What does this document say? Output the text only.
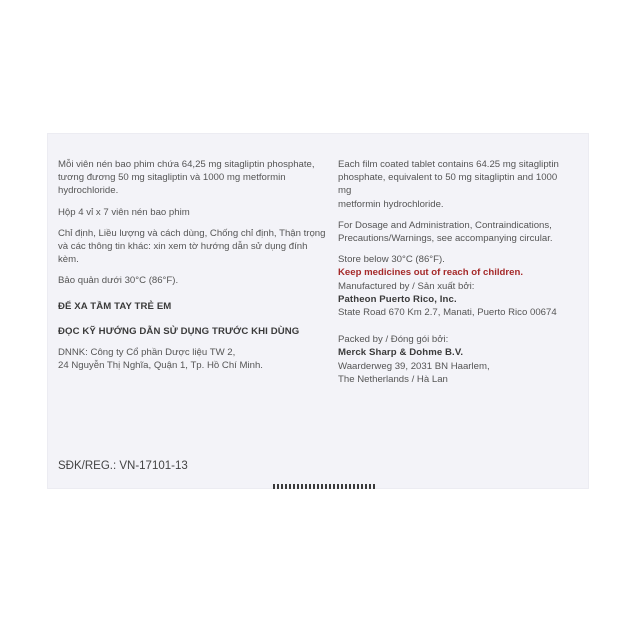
Mỗi viên nén bao phim chứa 64,25 mg sitagliptin phosphate,
tương đương 50 mg sitagliptin và 1000 mg metformin
hydrochloride.

Hộp 4 vỉ x 7 viên nén bao phim

Chỉ định, Liều lượng và cách dùng, Chống chỉ định, Thận trọng
và các thông tin khác: xin xem tờ hướng dẫn sử dụng đính kèm.

Bảo quản dưới 30°C (86°F).

ĐỂ XA TẦM TAY TRẺ EM

ĐỌC KỸ HƯỚNG DẪN SỬ DỤNG TRƯỚC KHI DÙNG

DNNK: Công ty Cổ phần Dược liệu TW 2,
24 Nguyễn Thị Nghĩa, Quận 1, Tp. Hồ Chí Minh.

Each film coated tablet contains 64.25 mg sitagliptin
phosphate, equivalent to 50 mg sitagliptin and 1000 mg
metformin hydrochloride.

For Dosage and Administration, Contraindications,
Precautions/Warnings, see accompanying circular.

Store below 30°C (86°F).

Keep medicines out of reach of children.

Manufactured by / Sản xuất bởi:

Patheon Puerto Rico, Inc.

State Road 670 Km 2.7, Manati, Puerto Rico 00674

Packed by / Đóng gói bởi:

Merck Sharp & Dohme B.V.

Waarderweg 39, 2031 BN Haarlem,
The Netherlands / Hà Lan

SĐK/REG.: VN-17101-13
